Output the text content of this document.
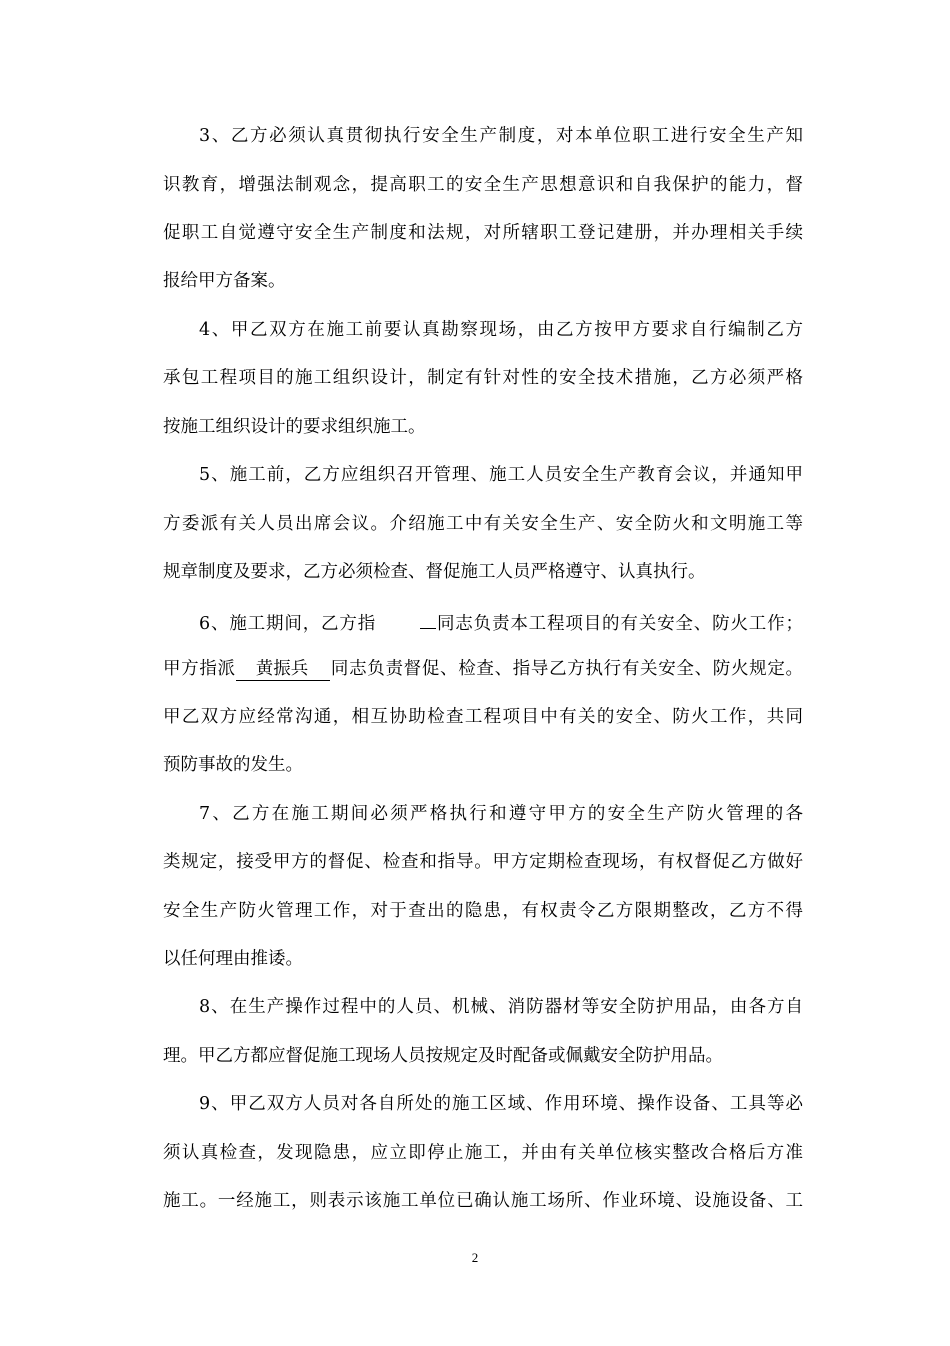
3、乙方必须认真贯彻执行安全生产制度，对本单位职工进行安全生产知
识教育，增强法制观念，提高职工的安全生产思想意识和自我保护的能力，督
促职工自觉遵守安全生产制度和法规，对所辖职工登记建册，并办理相关手续
报给甲方备案。
4、甲乙双方在施工前要认真勘察现场，由乙方按甲方要求自行编制乙方
承包工程项目的施工组织设计，制定有针对性的安全技术措施，乙方必须严格
按施工组织设计的要求组织施工。
5、施工前，乙方应组织召开管理、施工人员安全生产教育会议，并通知甲
方委派有关人员出席会议。介绍施工中有关安全生产、安全防火和文明施工等
规章制度及要求，乙方必须检查、督促施工人员严格遵守、认真执行。
6、施工期间，乙方指	同志负责本工程项目的有关安全、防火工作；
甲方指派 黄振兵 同志负责督促、检查、指导乙方执行有关安全、防火规定。
甲乙双方应经常沟通，相互协助检查工程项目中有关的安全、防火工作，共同
预防事故的发生。
7、乙方在施工期间必须严格执行和遵守甲方的安全生产防火管理的各
类规定，接受甲方的督促、检查和指导。甲方定期检查现场，有权督促乙方做好
安全生产防火管理工作，对于查出的隐患，有权责令乙方限期整改，乙方不得
以任何理由推诿。
8、在生产操作过程中的人员、机械、消防器材等安全防护用品，由各方自
理。甲乙方都应督促施工现场人员按规定及时配备或佩戴安全防护用品。
9、甲乙双方人员对各自所处的施工区域、作用环境、操作设备、工具等必
须认真检查，发现隐患，应立即停止施工，并由有关单位核实整改合格后方准
施工。一经施工，则表示该施工单位已确认施工场所、作业环境、设施设备、工
2
